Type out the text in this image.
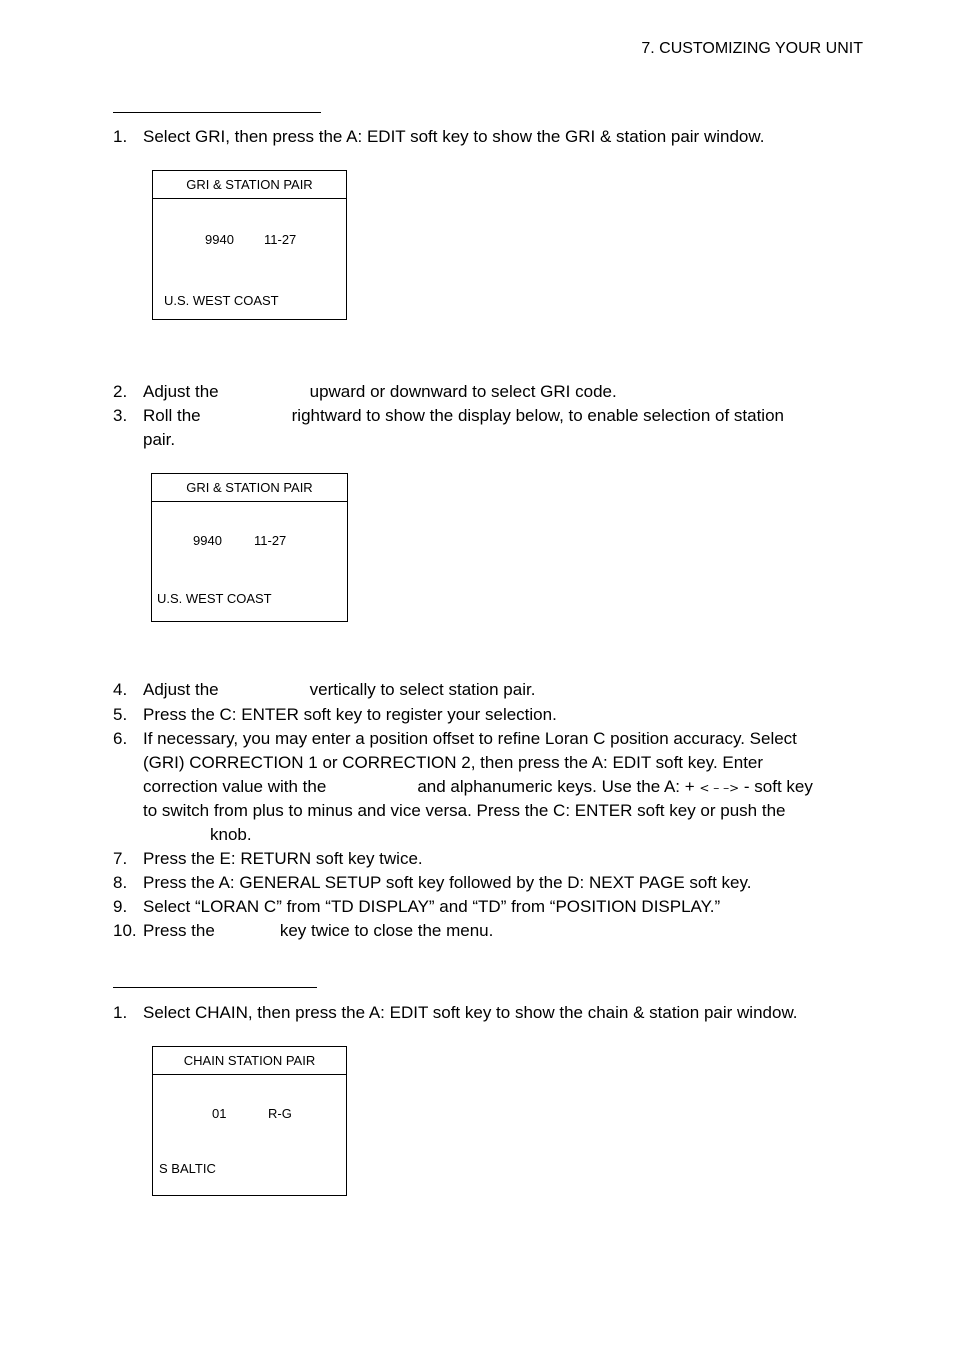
7. CUSTOMIZING YOUR UNIT
1. Select GRI, then press the A: EDIT soft key to show the GRI & station pair window.
GRI & STATION PAIR
9940 11-27
U.S. WEST COAST
2. Adjust the	upward or downward to select GRI code.
3. Roll the	rightward to show the display below, to enable selection of station
pair.
GRI & STATION PAIR
9940 11-27
U.S. WEST COAST
4. Adjust the	vertically to select station pair.
5. Press the C: ENTER soft key to register your selection.
6. If necessary, you may enter a position offset to refine Loran C position accuracy. Select
(GRI) CORRECTION 1 or CORRECTION 2, then press the A: EDIT soft key. Enter
correction value with the	and alphanumeric keys. Use the A: + < – –> - soft key
to switch from plus to minus and vice versa. Press the C: ENTER soft key or push the
knob.
7. Press the E: RETURN soft key twice.
8. Press the A: GENERAL SETUP soft key followed by the D: NEXT PAGE soft key.
9. Select “LORAN C” from “TD DISPLAY” and “TD” from “POSITION DISPLAY.”
10. Press the	key twice to close the menu.
1. Select CHAIN, then press the A: EDIT soft key to show the chain & station pair window.
CHAIN STATION PAIR
01	R-G
S BALTIC
